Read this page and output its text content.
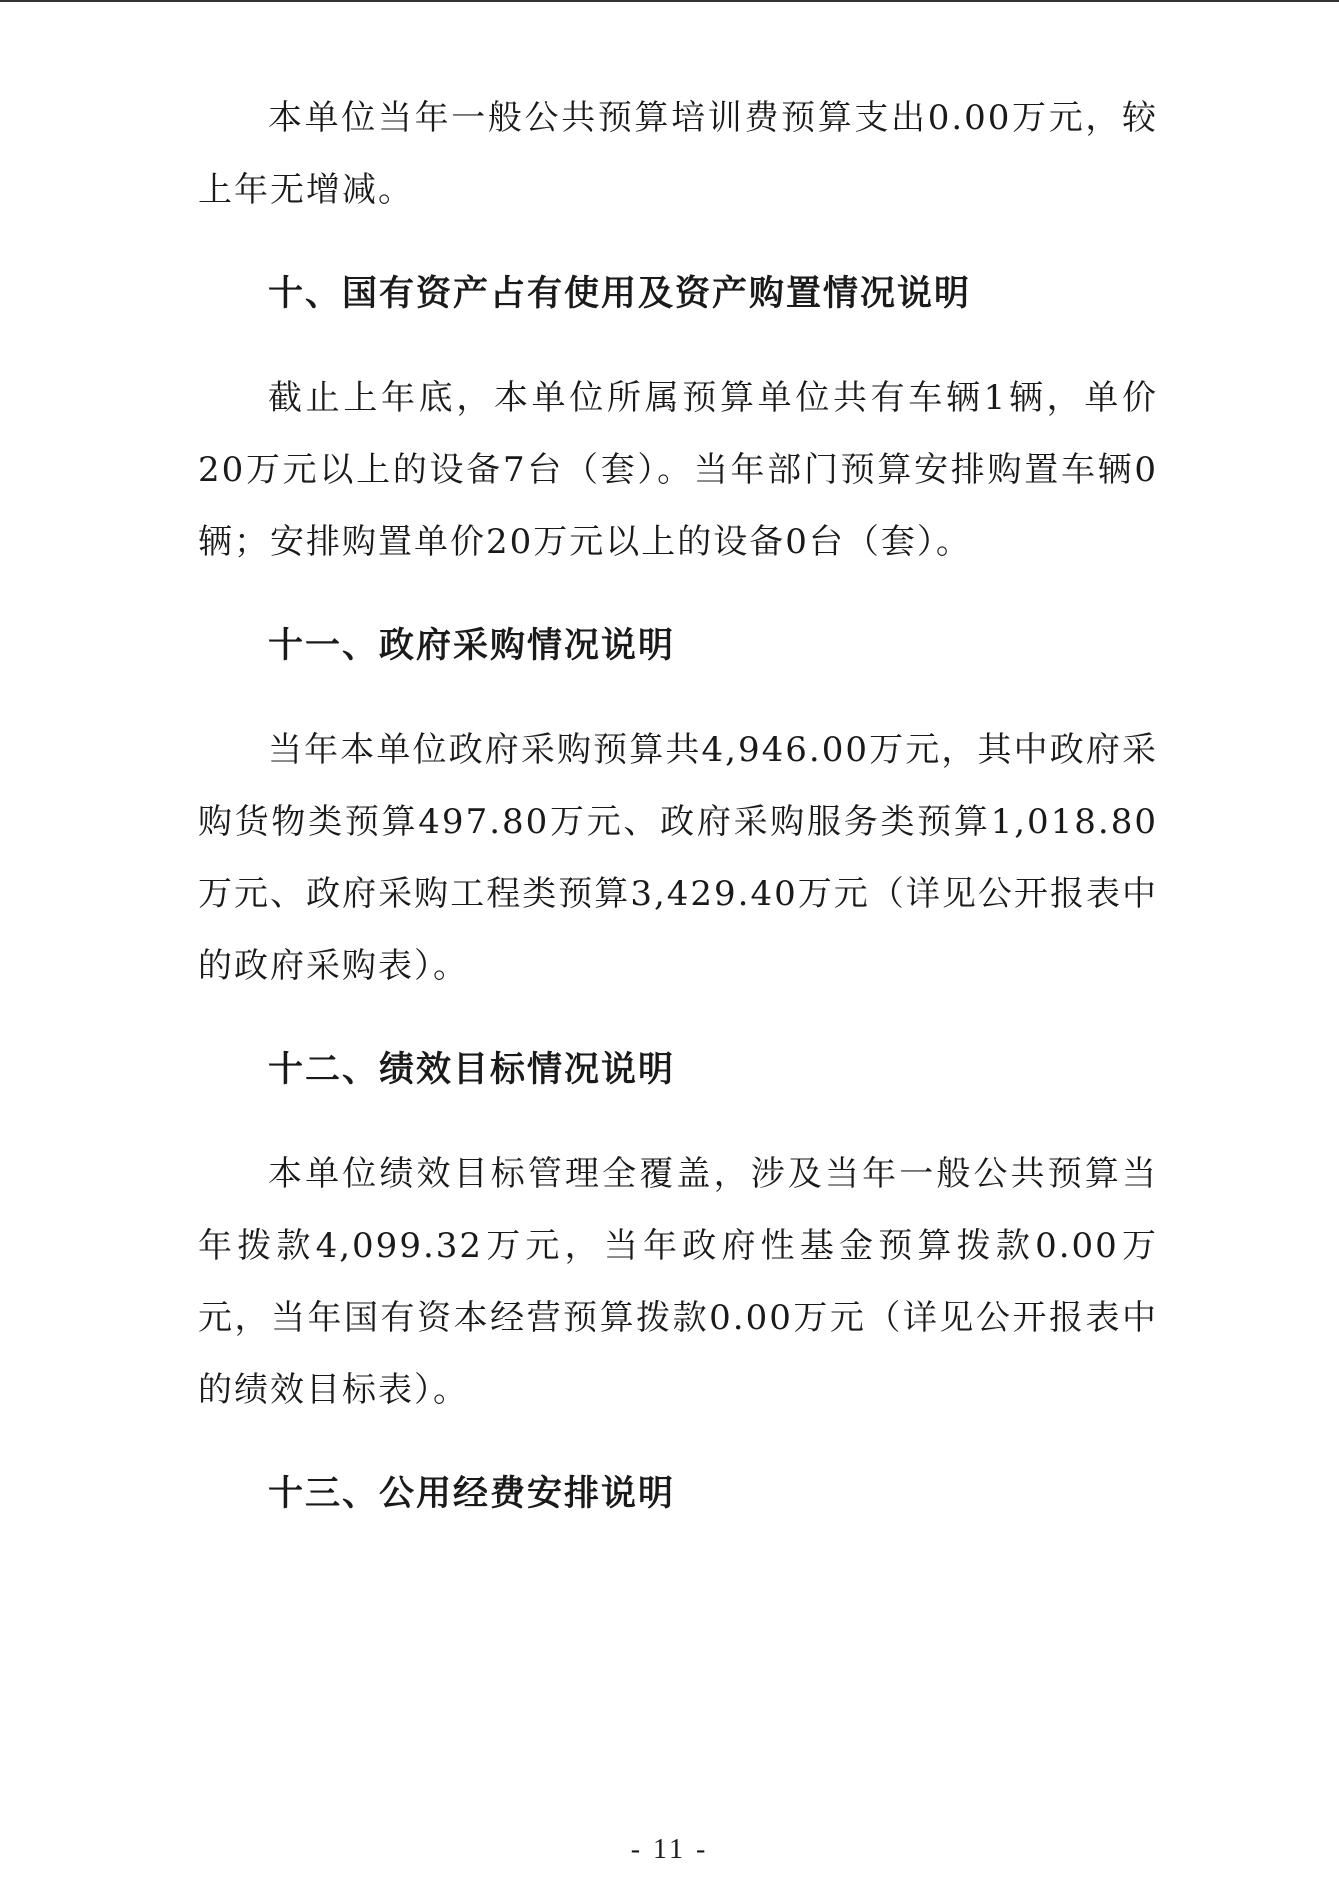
本单位当年一般公共预算培训费预算支出0.00万元，较上年无增减。

十、国有资产占有使用及资产购置情况说明

截止上年底，本单位所属预算单位共有车辆1辆，单价20万元以上的设备7台（套）。当年部门预算安排购置车辆0辆；安排购置单价20万元以上的设备0台（套）。

十一、政府采购情况说明

当年本单位政府采购预算共4,946.00万元，其中政府采购货物类预算497.80万元、政府采购服务类预算1,018.80万元、政府采购工程类预算3,429.40万元（详见公开报表中的政府采购表）。

十二、绩效目标情况说明

本单位绩效目标管理全覆盖，涉及当年一般公共预算当年拨款4,099.32万元，当年政府性基金预算拨款0.00万元，当年国有资本经营预算拨款0.00万元（详见公开报表中的绩效目标表）。

十三、公用经费安排说明
- 11 -
